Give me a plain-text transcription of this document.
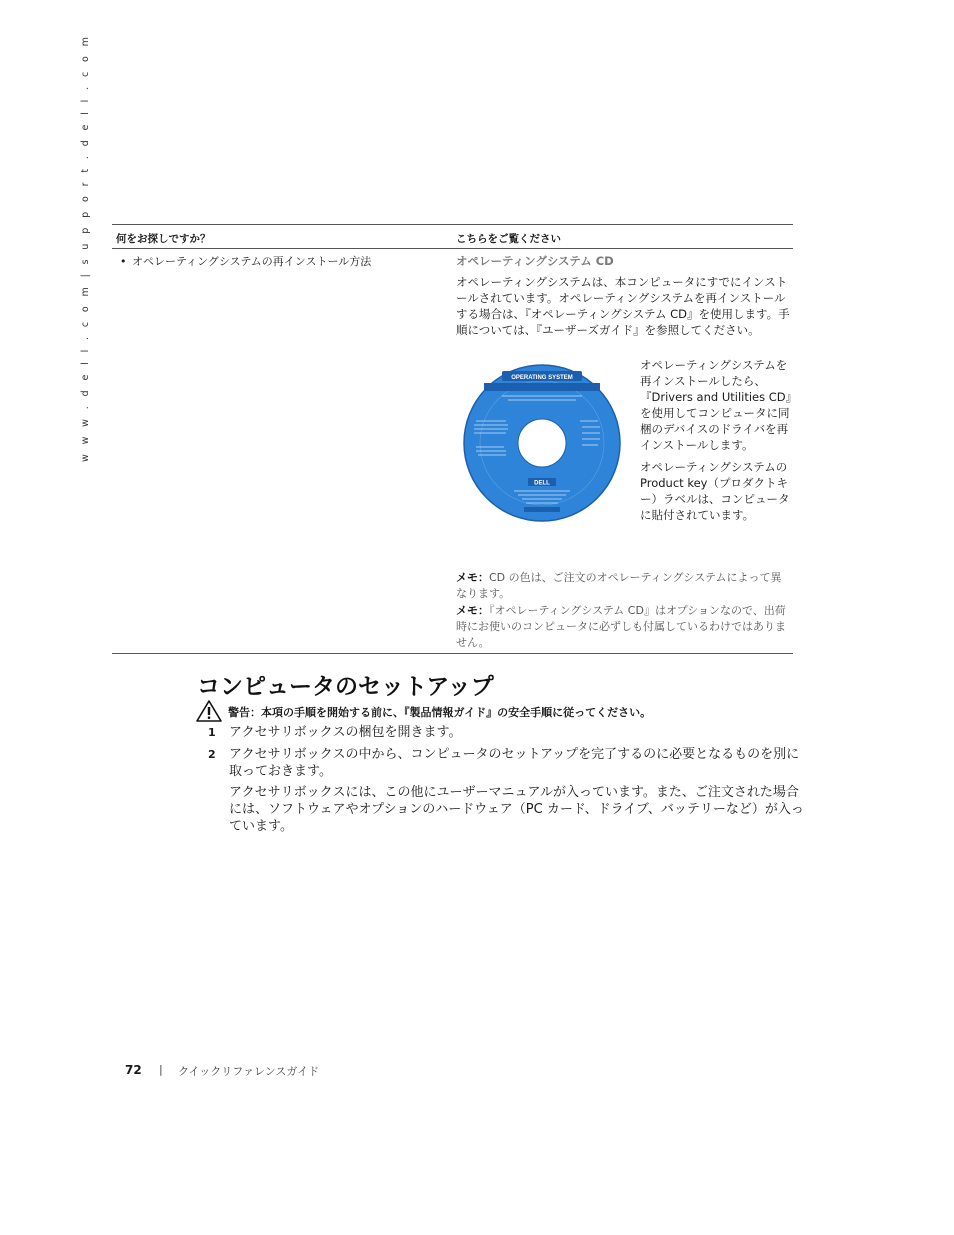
w w w . d e l l . c o m | s u p p o r t . d e l l . c o m	何をお探しですか？	こちらをご覧ください
• オペレーティングシステムの再インストール方法	オペレーティングシステム CD
オペレーティングシステムは、本コンピュータにすでにインストールされています。オペレーティングシステムを再インストールする場合は、『オペレーティングシステム CD』を使用します。手順については、『ユーザーズガイド』を参照してください。
OPERATING SYSTEM
DELL

オペレーティングシステムを再インストールしたら、『Drivers and Utilities CD』を使用してコンピュータに同梱のデバイスのドライバを再インストールします。

オペレーティングシステムの Product key（プロダクトキー）ラベルは、コンピュータに貼付されています。

メモ：CD の色は、ご注文のオペレーティングシステムによって異なります。
メモ：『オペレーティングシステム CD』はオプションなので、出荷時にお使いのコンピュータに必ずしも付属しているわけではありません。
コンピュータのセットアップ
警告：本項の手順を開始する前に、『製品情報ガイド』の安全手順に従ってください。
1 アクセサリボックスの梱包を開きます。
2 アクセサリボックスの中から、コンピュータのセットアップを完了するのに必要となるものを別に取っておきます。
アクセサリボックスには、この他にユーザーマニュアルが入っています。また、ご注文された場合には、ソフトウェアやオプションのハードウェア（PC カード、ドライブ、バッテリーなど）が入っています。
72 | クイックリファレンスガイド
